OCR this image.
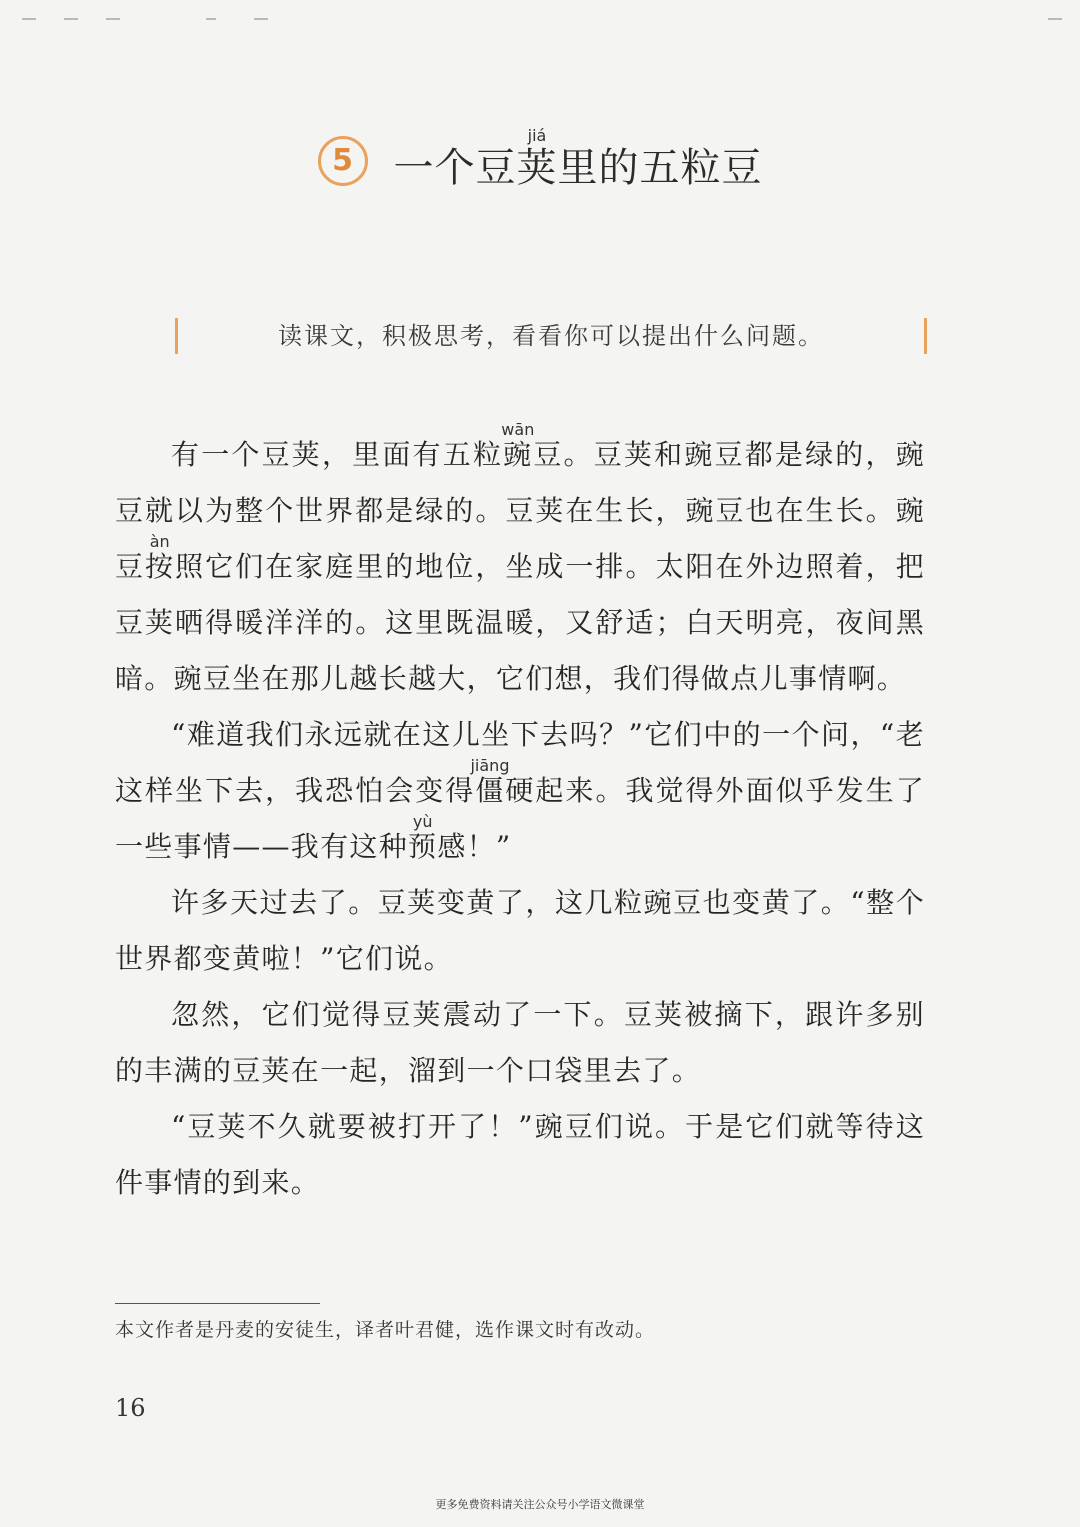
5	一个豆荚jiá里的五粒豆
读课文，积极思考，看看你可以提出什么问题。

有一个豆荚，里面有五粒豌wān豆。豆荚和豌豆都是绿的，豌豆就以为整个世界都是绿的。豆荚在生长，豌豆也在生长。豌豆按àn照它们在家庭里的地位，坐成一排。太阳在外边照着，把豆荚晒得暖洋洋的。这里既温暖，又舒适；白天明亮，夜间黑暗。豌豆坐在那儿越长越大，它们想，我们得做点儿事情啊。

“难道我们永远就在这儿坐下去吗？”它们中的一个问，“老这样坐下去，我恐怕会变得僵jiāng硬起来。我觉得外面似乎发生了一些事情——我有这种预yù感！”

许多天过去了。豆荚变黄了，这几粒豌豆也变黄了。“整个世界都变黄啦！”它们说。

忽然，它们觉得豆荚震动了一下。豆荚被摘下，跟许多别的丰满的豆荚在一起，溜到一个口袋里去了。

“豆荚不久就要被打开了！”豌豆们说。于是它们就等待这件事情的到来。

本文作者是丹麦的安徒生，译者叶君健，选作课文时有改动。
16
更多免费资料请关注公众号小学语文微课堂
